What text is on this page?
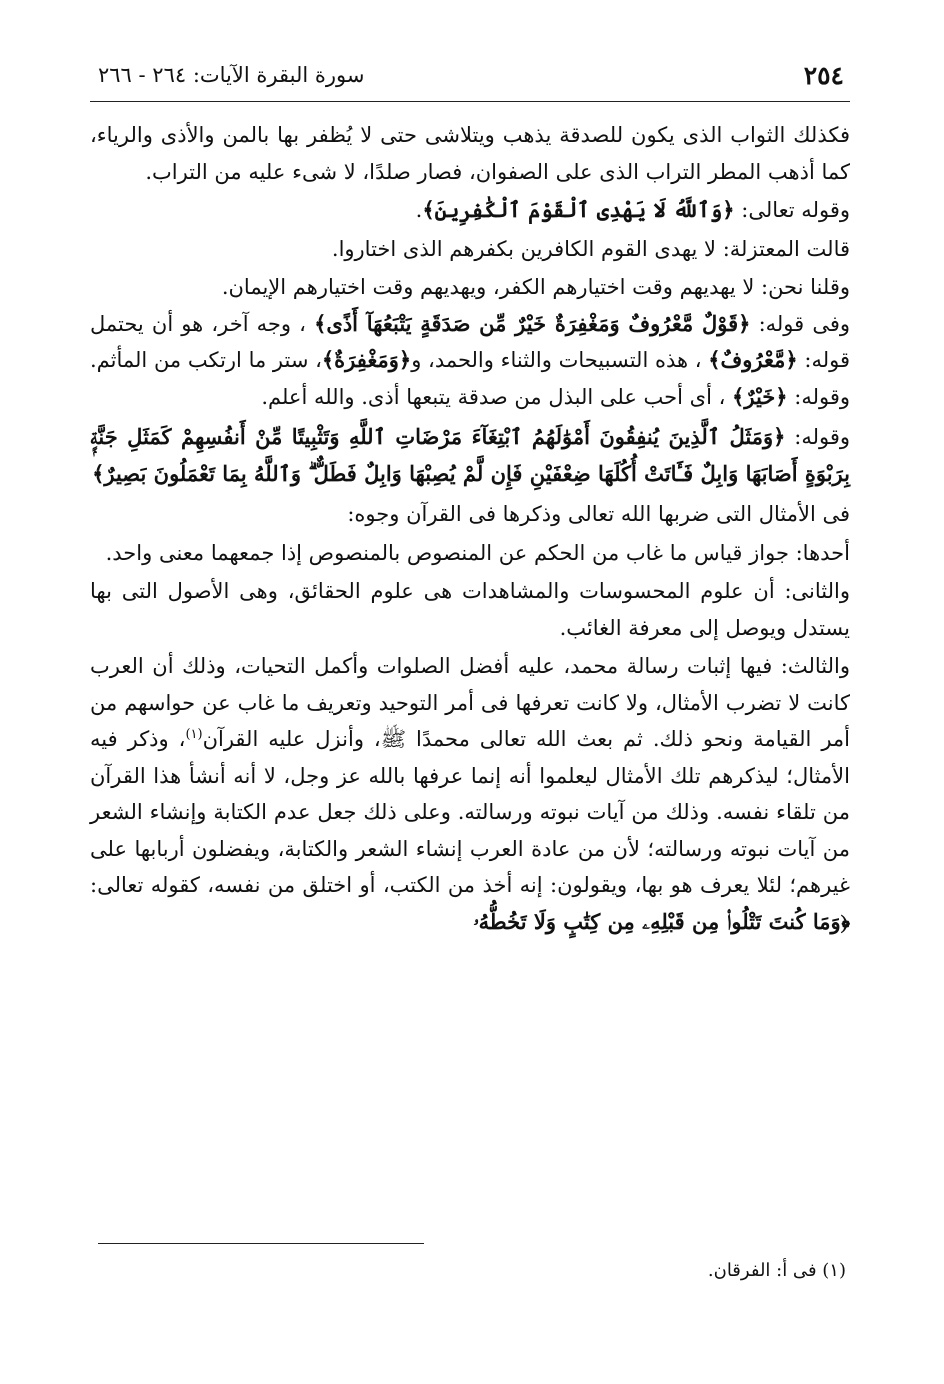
٢٥٤
سورة البقرة الآيات: ٢٦٤ - ٢٦٦

فكذلك الثواب الذى يكون للصدقة يذهب ويتلاشى حتى لا يُظفر بها بالمن والأذى والرياء، كما أذهب المطر التراب الذى على الصفوان، فصار صلدًا، لا شىء عليه من التراب.

وقوله تعالى: ﴿وَٱللَّهُ لَا يَهْدِى ٱلْقَوْمَ ٱلْكَٰفِرِينَ﴾.

قالت المعتزلة: لا يهدى القوم الكافرين بكفرهم الذى اختاروا.

وقلنا نحن: لا يهديهم وقت اختيارهم الكفر، ويهديهم وقت اختيارهم الإيمان.

وفى قوله: ﴿قَوْلٌ مَّعْرُوفٌ وَمَغْفِرَةٌ خَيْرٌ مِّن صَدَقَةٍ يَتْبَعُهَآ أَذًى﴾ ، وجه آخر، هو أن يحتمل قوله: ﴿مَّعْرُوفٌ﴾ ، هذه التسبيحات والثناء والحمد، و﴿وَمَغْفِرَةٌ﴾، ستر ما ارتكب من المأثم. وقوله: ﴿خَيْرٌ﴾ ، أى أحب على البذل من صدقة يتبعها أذى. والله أعلم.

وقوله: ﴿وَمَثَلُ ٱلَّذِينَ يُنفِقُونَ أَمْوَٰلَهُمُ ٱبْتِغَآءَ مَرْضَاتِ ٱللَّهِ وَتَثْبِيتًا مِّنْ أَنفُسِهِمْ كَمَثَلِ جَنَّةٍۭ بِرَبْوَةٍ أَصَابَهَا وَابِلٌ فَـَٔاتَتْ أُكُلَهَا ضِعْفَيْنِ فَإِن لَّمْ يُصِبْهَا وَابِلٌ فَطَلٌّ ۗ وَٱللَّهُ بِمَا تَعْمَلُونَ بَصِيرٌ﴾

فى الأمثال التى ضربها الله تعالى وذكرها فى القرآن وجوه:

أحدها: جواز قياس ما غاب من الحكم عن المنصوص بالمنصوص إذا جمعهما معنى واحد.

والثانى: أن علوم المحسوسات والمشاهدات هى علوم الحقائق، وهى الأصول التى بها يستدل ويوصل إلى معرفة الغائب.

والثالث: فيها إثبات رسالة محمد، عليه أفضل الصلوات وأكمل التحيات، وذلك أن العرب كانت لا تضرب الأمثال، ولا كانت تعرفها فى أمر التوحيد وتعريف ما غاب عن حواسهم من أمر القيامة ونحو ذلك. ثم بعث الله تعالى محمدًا ﷺ، وأنزل عليه القرآن$^{(١)}$، وذكر فيه الأمثال؛ ليذكرهم تلك الأمثال ليعلموا أنه إنما عرفها بالله عز وجل، لا أنه أنشأ هذا القرآن من تلقاء نفسه. وذلك من آيات نبوته ورسالته. وعلى ذلك جعل عدم الكتابة وإنشاء الشعر من آيات نبوته ورسالته؛ لأن من عادة العرب إنشاء الشعر والكتابة، ويفضلون أربابها على غيرهم؛ لئلا يعرف هو بها، ويقولون: إنه أخذ من الكتب، أو اختلق من نفسه، كقوله تعالى: ﴿وَمَا كُنتَ تَتْلُوا۟ مِن قَبْلِهِۦ مِن كِتَٰبٍ وَلَا تَخُطُّهُۥ

(١) فى أ: الفرقان.
